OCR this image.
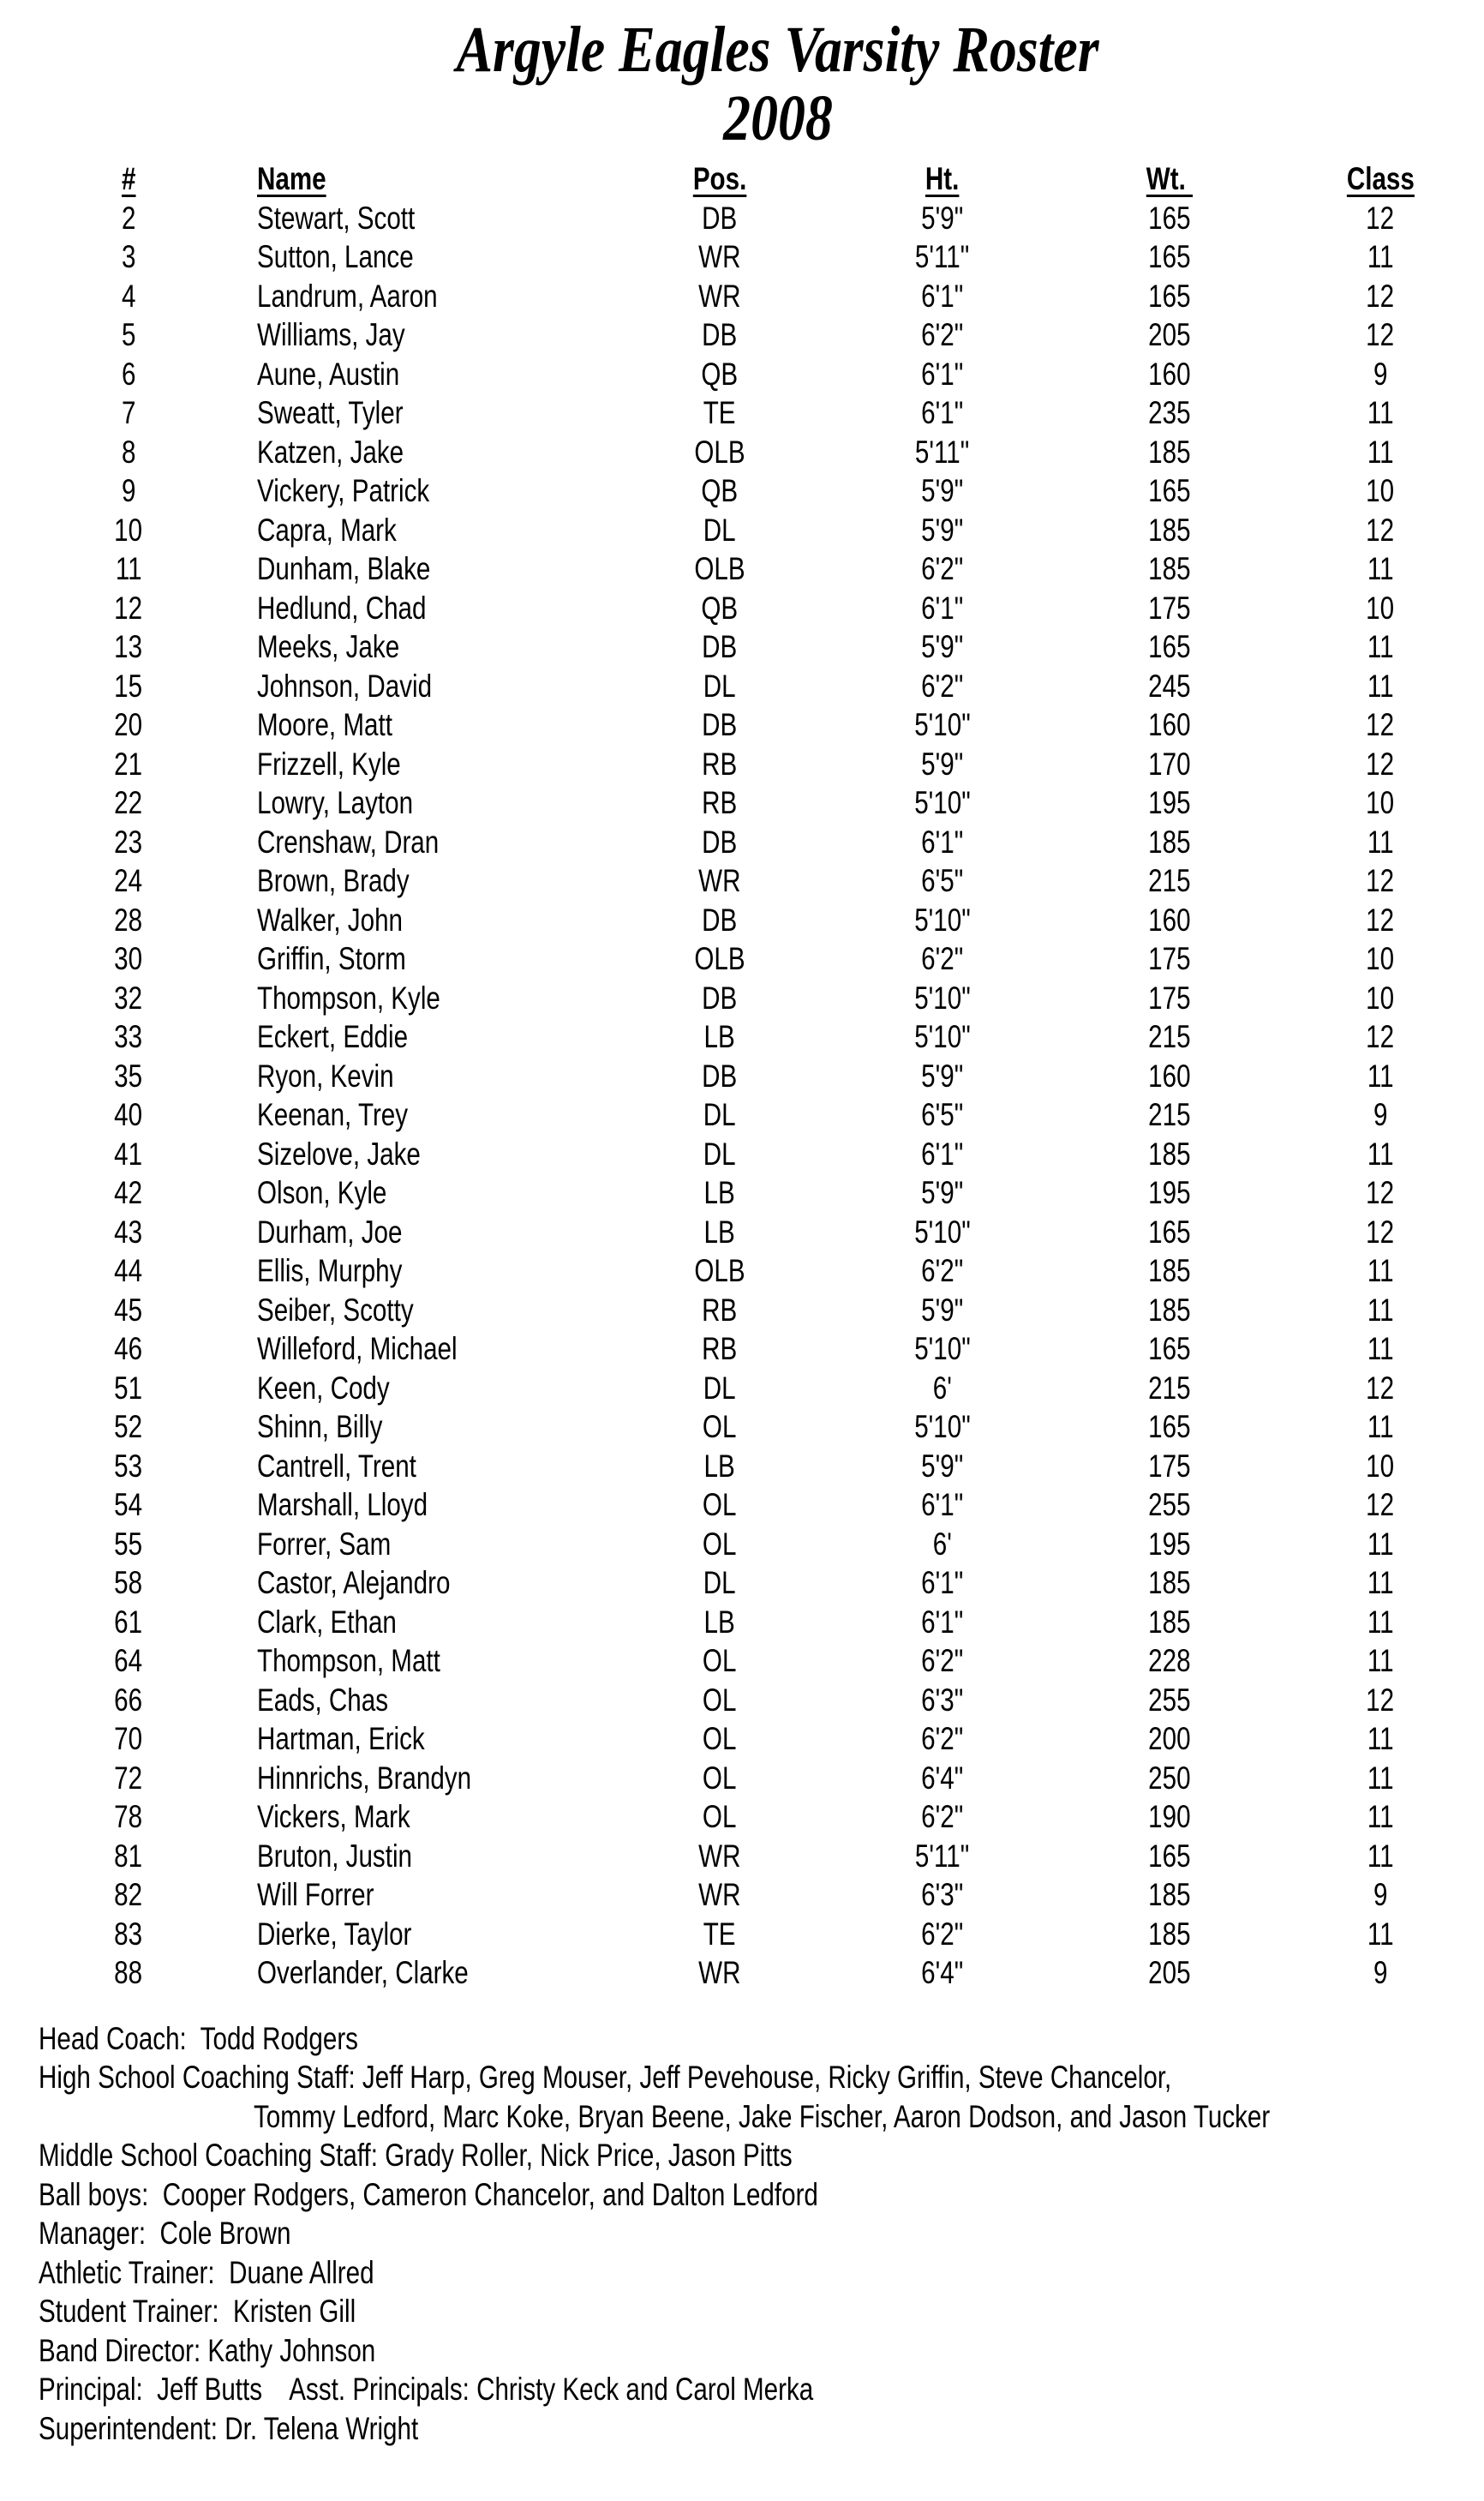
Argyle Eagles Varsity Roster
2008
#	Name	Pos.	Ht.	Wt.	Class
2	Stewart, Scott	DB	5'9"	165	12
3	Sutton, Lance	WR	5'11"	165	11
4	Landrum, Aaron	WR	6'1"	165	12
5	Williams, Jay	DB	6'2"	205	12
6	Aune, Austin	QB	6'1"	160	9
7	Sweatt, Tyler	TE	6'1"	235	11
8	Katzen, Jake	OLB	5'11"	185	11
9	Vickery, Patrick	QB	5'9"	165	10
10	Capra, Mark	DL	5'9"	185	12
11	Dunham, Blake	OLB	6'2"	185	11
12	Hedlund, Chad	QB	6'1"	175	10
13	Meeks, Jake	DB	5'9"	165	11
15	Johnson, David	DL	6'2"	245	11
20	Moore, Matt	DB	5'10"	160	12
21	Frizzell, Kyle	RB	5'9"	170	12
22	Lowry, Layton	RB	5'10"	195	10
23	Crenshaw, Dran	DB	6'1"	185	11
24	Brown, Brady	WR	6'5"	215	12
28	Walker, John	DB	5'10"	160	12
30	Griffin, Storm	OLB	6'2"	175	10
32	Thompson, Kyle	DB	5'10"	175	10
33	Eckert, Eddie	LB	5'10"	215	12
35	Ryon, Kevin	DB	5'9"	160	11
40	Keenan, Trey	DL	6'5"	215	9
41	Sizelove, Jake	DL	6'1"	185	11
42	Olson, Kyle	LB	5'9"	195	12
43	Durham, Joe	LB	5'10"	165	12
44	Ellis, Murphy	OLB	6'2"	185	11
45	Seiber, Scotty	RB	5'9"	185	11
46	Willeford, Michael	RB	5'10"	165	11
51	Keen, Cody	DL	6'	215	12
52	Shinn, Billy	OL	5'10"	165	11
53	Cantrell, Trent	LB	5'9"	175	10
54	Marshall, Lloyd	OL	6'1"	255	12
55	Forrer, Sam	OL	6'	195	11
58	Castor, Alejandro	DL	6'1"	185	11
61	Clark, Ethan	LB	6'1"	185	11
64	Thompson, Matt	OL	6'2"	228	11
66	Eads, Chas	OL	6'3"	255	12
70	Hartman, Erick	OL	6'2"	200	11
72	Hinnrichs, Brandyn	OL	6'4"	250	11
78	Vickers, Mark	OL	6'2"	190	11
81	Bruton, Justin	WR	5'11"	165	11
82	Will Forrer	WR	6'3"	185	9
83	Dierke, Taylor	TE	6'2"	185	11
88	Overlander, Clarke	WR	6'4"	205	9
Head Coach:  Todd Rodgers
High School Coaching Staff: Jeff Harp, Greg Mouser, Jeff Pevehouse, Ricky Griffin, Steve Chancelor,
Tommy Ledford, Marc Koke, Bryan Beene, Jake Fischer, Aaron Dodson, and Jason Tucker
Middle School Coaching Staff: Grady Roller, Nick Price, Jason Pitts
Ball boys:  Cooper Rodgers, Cameron Chancelor, and Dalton Ledford
Manager:  Cole Brown
Athletic Trainer:  Duane Allred
Student Trainer:  Kristen Gill
Band Director: Kathy Johnson
Principal:  Jeff Butts    Asst. Principals: Christy Keck and Carol Merka
Superintendent: Dr. Telena Wright
